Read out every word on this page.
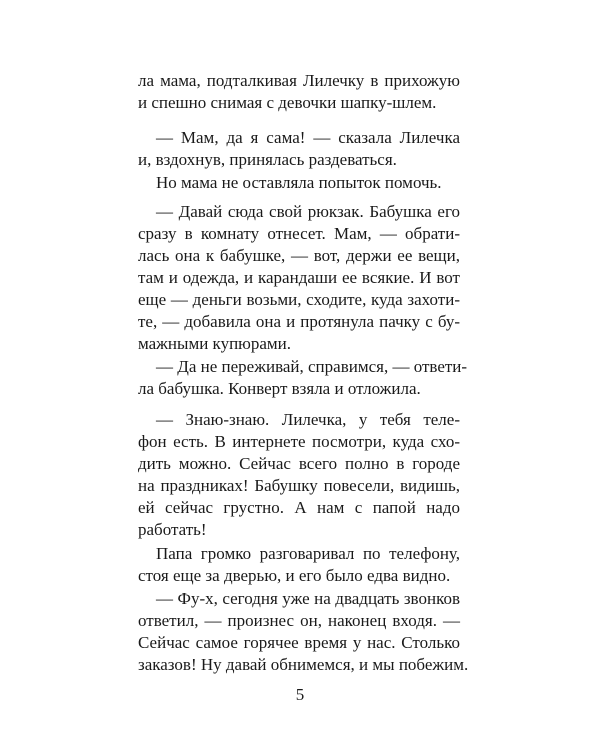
ла мама, подталкивая Лилечку в прихожую
и спешно снимая с девочки шапку-шлем.
— Мам, да я сама! — сказала Лилечка
и, вздохнув, принялась раздеваться.
Но мама не оставляла попыток помочь.
— Давай сюда свой рюкзак. Бабушка его
сразу в комнату отнесет. Мам, — обрати-
лась она к бабушке, — вот, держи ее вещи,
там и одежда, и карандаши ее всякие. И вот
еще — деньги возьми, сходите, куда захоти-
те, — добавила она и протянула пачку с бу-
мажными купюрами.
— Да не переживай, справимся, — ответи-
ла бабушка. Конверт взяла и отложила.
— Знаю-знаю. Лилечка, у тебя теле-
фон есть. В интернете посмотри, куда схо-
дить можно. Сейчас всего полно в городе
на праздниках! Бабушку повесели, видишь,
ей сейчас грустно. А нам с папой надо
работать!
Папа громко разговаривал по телефону,
стоя еще за дверью, и его было едва видно.
— Фу-х, сегодня уже на двадцать звонков
ответил, — произнес он, наконец входя. —
Сейчас самое горячее время у нас. Столько
заказов! Ну давай обнимемся, и мы побежим.
5
